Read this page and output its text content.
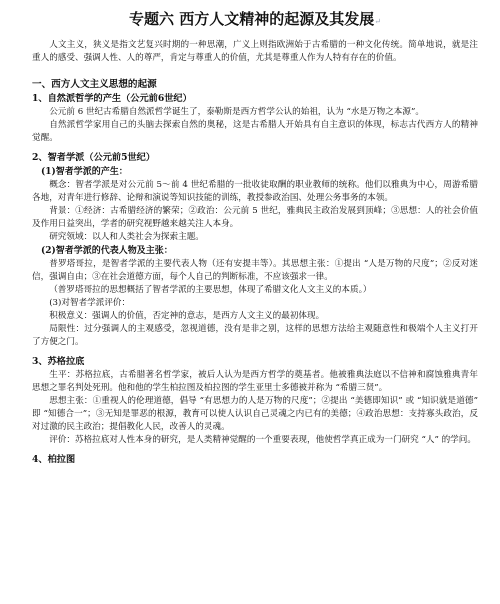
专题六 西方人文精神的起源及其发展↵

人文主义，狭义是指文艺复兴时期的一种思潮，广义上则指欧洲始于古希腊的一种文化传统。简单地说，就是注重人的感受、强调人性、人的尊严，肯定与尊重人的价值，尤其是尊重人作为人特有存在的价值。

一、西方人文主义思想的起源
1、自然派哲学的产生（公元前6世纪）

公元前 6 世纪古希腊自然派哲学诞生了，泰勒斯是西方哲学公认的始祖，认为 “水是万物之本源”。

自然派哲学家用自己的头脑去探索自然的奥秘，这是古希腊人开始具有自主意识的体现，标志古代西方人的精神觉醒。

2、智者学派（公元前5世纪）
(1)智者学派的产生：

概念：智者学派是对公元前 5～前 4 世纪希腊的一批收徒取酬的职业教师的统称。他们以雅典为中心，周游希腊各地，对青年进行修辞、论辩和演说等知识技能的训练，教授参政治国、处理公务事务的本领。

背景：①经济：古希腊经济的繁荣；②政治：公元前 5 世纪，雅典民主政治发展到顶峰；③思想：人的社会价值及作用日益突出，学者的研究视野越来越关注人本身。

研究领域：以人和人类社会为探索主题。

(2)智者学派的代表人物及主张：

普罗塔哥拉，是智者学派的主要代表人物（还有安提丰等）。其思想主张：①提出 “人是万物的尺度”；②反对迷信，强调自由；③在社会道德方面，每个人自己的判断标准，不应该强求一律。

（普罗塔哥拉的思想概括了智者学派的主要思想，体现了希腊文化人文主义的本质。）

(3)对智者学派评价：

积极意义：强调人的价值，否定神的意志，是西方人文主义的最初体现。

局限性：过分强调人的主观感受，忽视道德，没有是非之别，这样的思想方法给主观随意性和极端个人主义打开了方便之门。

3、苏格拉底

生平：苏格拉底，古希腊著名哲学家，被后人认为是西方哲学的奠基者。他被雅典法庭以不信神和腐蚀雅典青年思想之罪名判处死刑。他和他的学生柏拉图及柏拉图的学生亚里士多德被并称为 “希腊三贤”。

思想主张：①重视人的伦理道德，倡导 “有思想力的人是万物的尺度”；②提出 “美德即知识” 或 “知识就是道德” 即 “知德合一”；③无知是罪恶的根源，教育可以使人认识自己灵魂之内已有的美德；④政治思想：支持寡头政治，反对过激的民主政治；提倡教化人民，改善人的灵魂。

评价：苏格拉底对人性本身的研究，是人类精神觉醒的一个重要表现，他使哲学真正成为一门研究 “人” 的学问。

4、柏拉图
